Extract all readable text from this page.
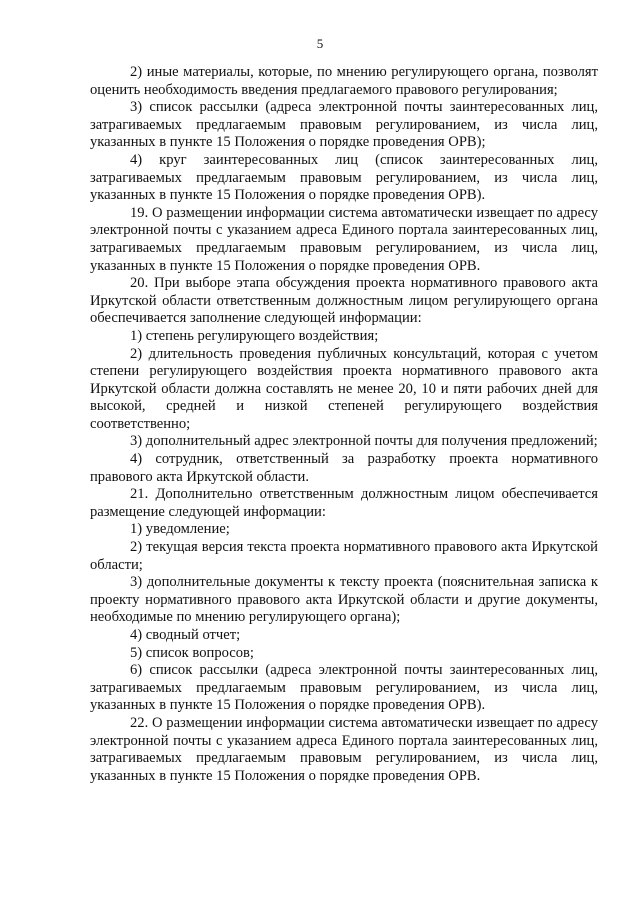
5

2) иные материалы, которые, по мнению регулирующего органа, позволят оценить необходимость введения предлагаемого правового регулирования;

3) список рассылки (адреса электронной почты заинтересованных лиц, затрагиваемых предлагаемым правовым регулированием, из числа лиц, указанных в пункте 15 Положения о порядке проведения ОРВ);

4) круг заинтересованных лиц (список заинтересованных лиц, затрагиваемых предлагаемым правовым регулированием, из числа лиц, указанных в пункте 15 Положения о порядке проведения ОРВ).

19. О размещении информации система автоматически извещает по адресу электронной почты с указанием адреса Единого портала заинтересованных лиц, затрагиваемых предлагаемым правовым регулированием, из числа лиц, указанных в пункте 15 Положения о порядке проведения ОРВ.

20. При выборе этапа обсуждения проекта нормативного правового акта Иркутской области ответственным должностным лицом регулирующего органа обеспечивается заполнение следующей информации:

1) степень регулирующего воздействия;

2) длительность проведения публичных консультаций, которая с учетом степени регулирующего воздействия проекта нормативного правового акта Иркутской области должна составлять не менее 20, 10 и пяти рабочих дней для высокой, средней и низкой степеней регулирующего воздействия соответственно;

3) дополнительный адрес электронной почты для получения предложений;

4) сотрудник, ответственный за разработку проекта нормативного правового акта Иркутской области.

21. Дополнительно ответственным должностным лицом обеспечивается размещение следующей информации:

1) уведомление;

2) текущая версия текста проекта нормативного правового акта Иркутской области;

3) дополнительные документы к тексту проекта (пояснительная записка к проекту нормативного правового акта Иркутской области и другие документы, необходимые по мнению регулирующего органа);

4) сводный отчет;

5) список вопросов;

6) список рассылки (адреса электронной почты заинтересованных лиц, затрагиваемых предлагаемым правовым регулированием, из числа лиц, указанных в пункте 15 Положения о порядке проведения ОРВ).

22. О размещении информации система автоматически извещает по адресу электронной почты с указанием адреса Единого портала заинтересованных лиц, затрагиваемых предлагаемым правовым регулированием, из числа лиц, указанных в пункте 15 Положения о порядке проведения ОРВ.
